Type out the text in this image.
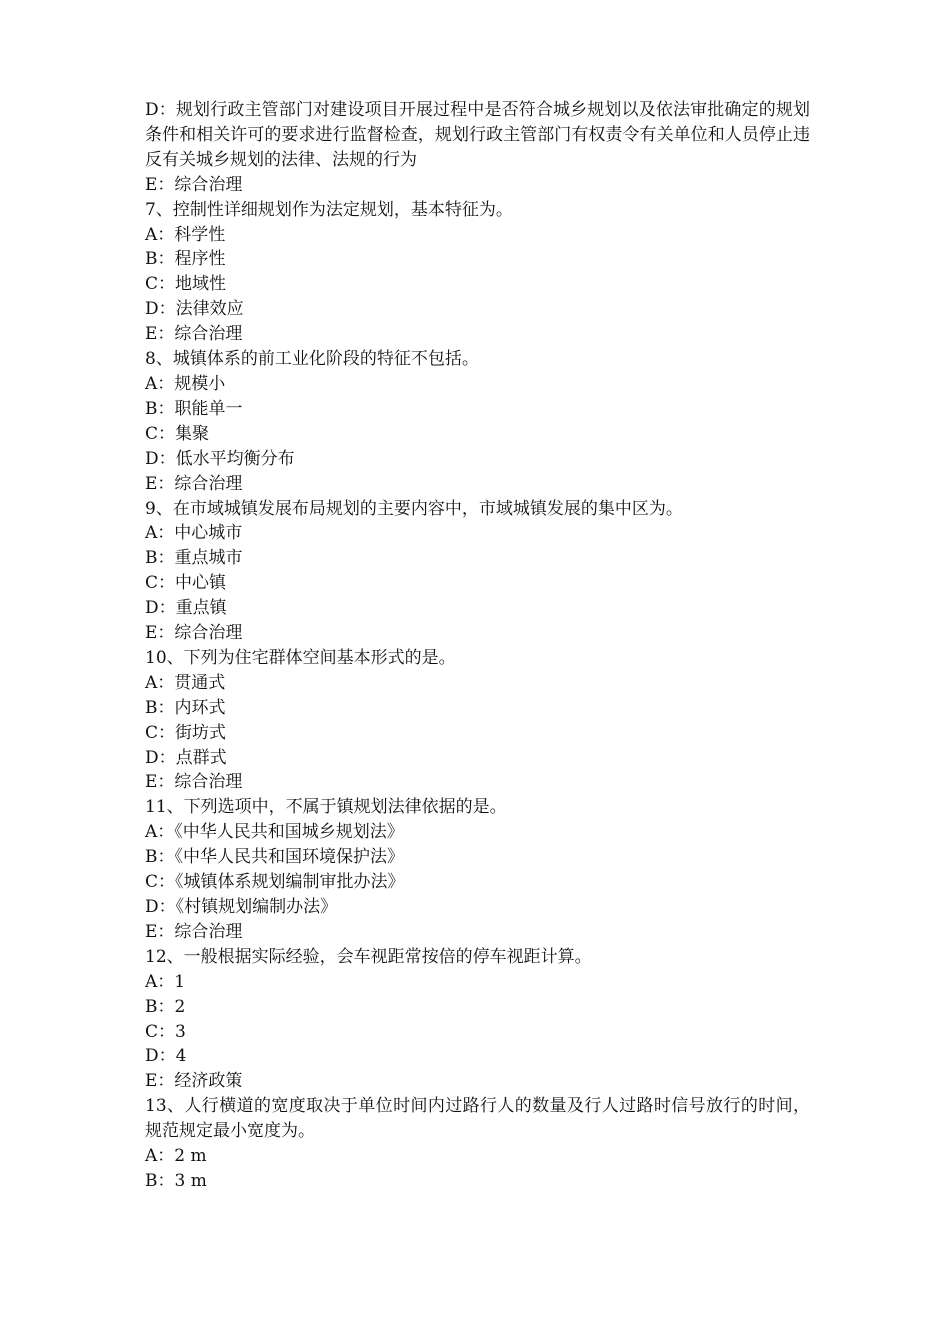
D：规划行政主管部门对建设项目开展过程中是否符合城乡规划以及依法审批确定的规划条件和相关许可的要求进行监督检查，规划行政主管部门有权责令有关单位和人员停止违反有关城乡规划的法律、法规的行为
E：综合治理
7、控制性详细规划作为法定规划，基本特征为。
A：科学性
B：程序性
C：地域性
D：法律效应
E：综合治理
8、城镇体系的前工业化阶段的特征不包括。
A：规模小
B：职能单一
C：集聚
D：低水平均衡分布
E：综合治理
9、在市域城镇发展布局规划的主要内容中，市域城镇发展的集中区为。
A：中心城市
B：重点城市
C：中心镇
D：重点镇
E：综合治理
10、下列为住宅群体空间基本形式的是。
A：贯通式
B：内环式
C：街坊式
D：点群式
E：综合治理
11、下列选项中，不属于镇规划法律依据的是。
A：《中华人民共和国城乡规划法》
B：《中华人民共和国环境保护法》
C：《城镇体系规划编制审批办法》
D：《村镇规划编制办法》
E：综合治理
12、一般根据实际经验，会车视距常按倍的停车视距计算。
A：1
B：2
C：3
D：4
E：经济政策
13、人行横道的宽度取决于单位时间内过路行人的数量及行人过路时信号放行的时间，规范规定最小宽度为。
A：2 m
B：3 m
